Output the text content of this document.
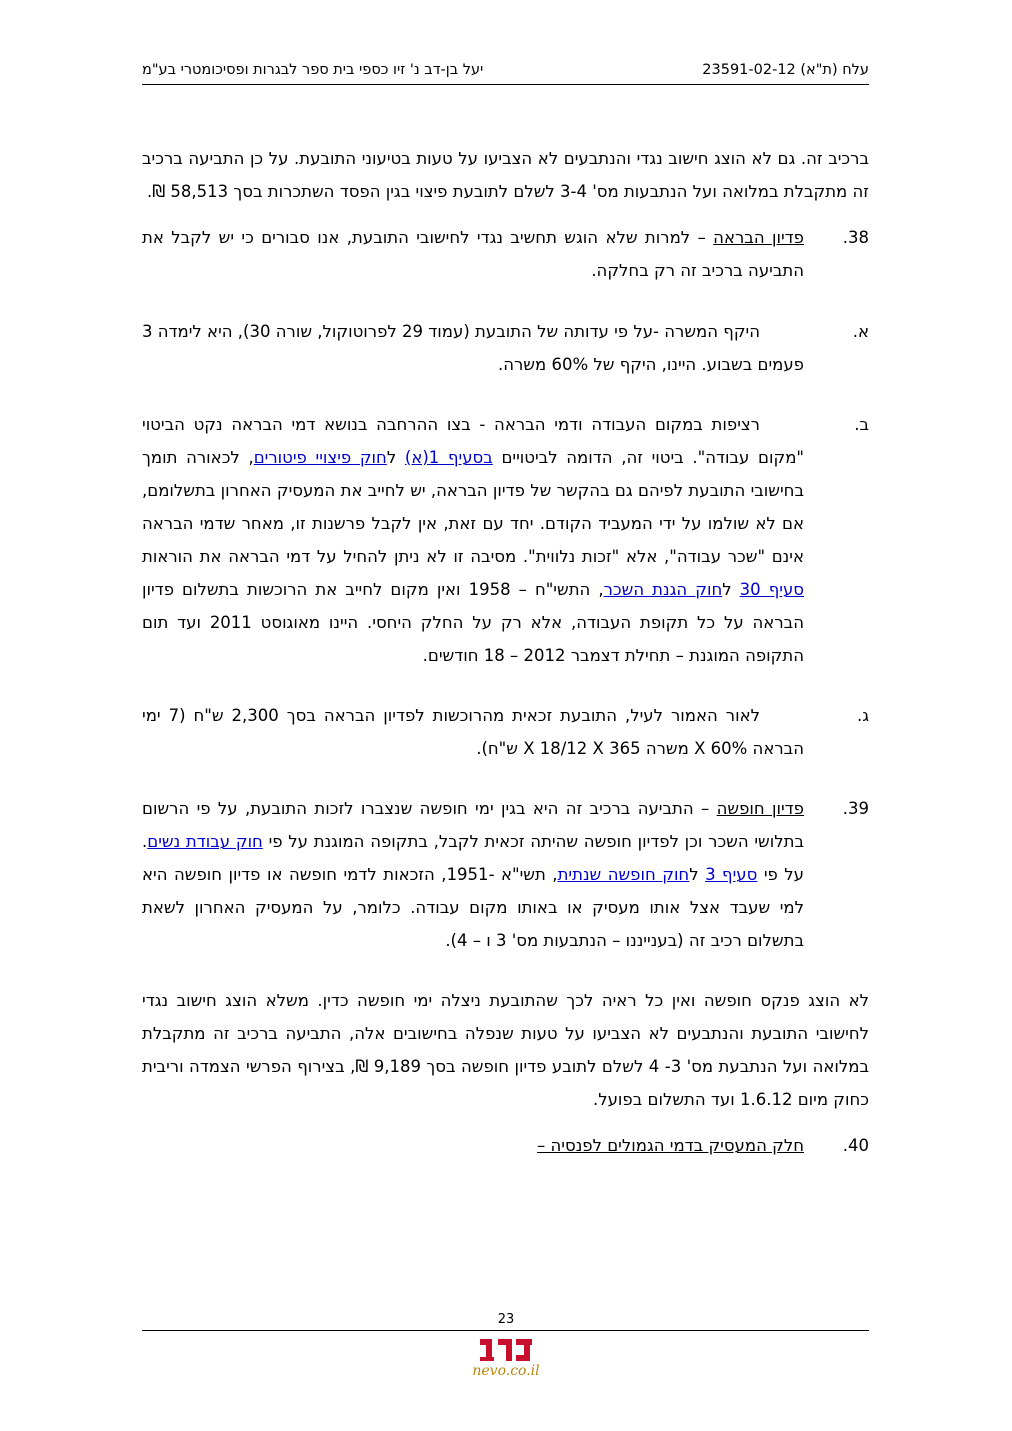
עלח (ת"א) 23591-02-12
יעל בן-דב נ' זיו כספי בית ספר לבגרות ופסיכומטרי בע"מ
ברכיב זה. גם לא הוצג חישוב נגדי והנתבעים לא הצביעו על טעות בטיעוני התובעת. על כן התביעה ברכיב זה מתקבלת במלואה ועל הנתבעות מס' 3-4 לשלם לתובעת פיצוי בגין הפסד השתכרות בסך 58,513 ₪.
38.
פדיון הבראה – למרות שלא הוגש תחשיב נגדי לחישובי התובעת, אנו סבורים כי יש לקבל את התביעה ברכיב זה רק בחלקה.
א.
היקף המשרה -על פי עדותה של התובעת (עמוד 29 לפרוטוקול, שורה 30), היא לימדה 3 פעמים בשבוע. היינו, היקף של 60% משרה.
ב.
רציפות במקום העבודה ודמי הבראה - בצו ההרחבה בנושא דמי הבראה נקט הביטוי "מקום עבודה". ביטוי זה, הדומה לביטויים בסעיף 1(א) לחוק פיצויי פיטורים, לכאורה תומך בחישובי התובעת לפיהם גם בהקשר של פדיון הבראה, יש לחייב את המעסיק האחרון בתשלומם, אם לא שולמו על ידי המעביד הקודם. יחד עם זאת, אין לקבל פרשנות זו, מאחר שדמי הבראה אינם "שכר עבודה", אלא "זכות נלווית". מסיבה זו לא ניתן להחיל על דמי הבראה את הוראות סעיף 30 לחוק הגנת השכר, התשי"ח – 1958 ואין מקום לחייב את הרוכשות בתשלום פדיון הבראה על כל תקופת העבודה, אלא רק על החלק היחסי. היינו מאוגוסט 2011 ועד תום התקופה המוגנת – תחילת דצמבר 2012 – 18 חודשים.
ג.
לאור האמור לעיל, התובעת זכאית מהרוכשות לפדיון הבראה בסך 2,300 ש"ח (7 ימי הבראה X 60% משרה X 18/12 X 365 ש"ח).
39.
פדיון חופשה – התביעה ברכיב זה היא בגין ימי חופשה שנצברו לזכות התובעת, על פי הרשום בתלושי השכר וכן לפדיון חופשה שהיתה זכאית לקבל, בתקופה המוגנת על פי חוק עבודת נשים. על פי סעיף 3 לחוק חופשה שנתית, תשי"א -1951, הזכאות לדמי חופשה או פדיון חופשה היא למי שעבד אצל אותו מעסיק או באותו מקום עבודה. כלומר, על המעסיק האחרון לשאת בתשלום רכיב זה (בענייננו – הנתבעות מס' 3 ו – 4).
לא הוצג פנקס חופשה ואין כל ראיה לכך שהתובעת ניצלה ימי חופשה כדין. משלא הוצג חישוב נגדי לחישובי התובעת והנתבעים לא הצביעו על טעות שנפלה בחישובים אלה, התביעה ברכיב זה מתקבלת במלואה ועל הנתבעת מס' 3- 4 לשלם לתובע פדיון חופשה בסך 9,189 ₪, בצירוף הפרשי הצמדה וריבית כחוק מיום 1.6.12 ועד התשלום בפועל.
40.
חלק המעסיק בדמי הגמולים לפנסיה –
23
nevo.co.il
